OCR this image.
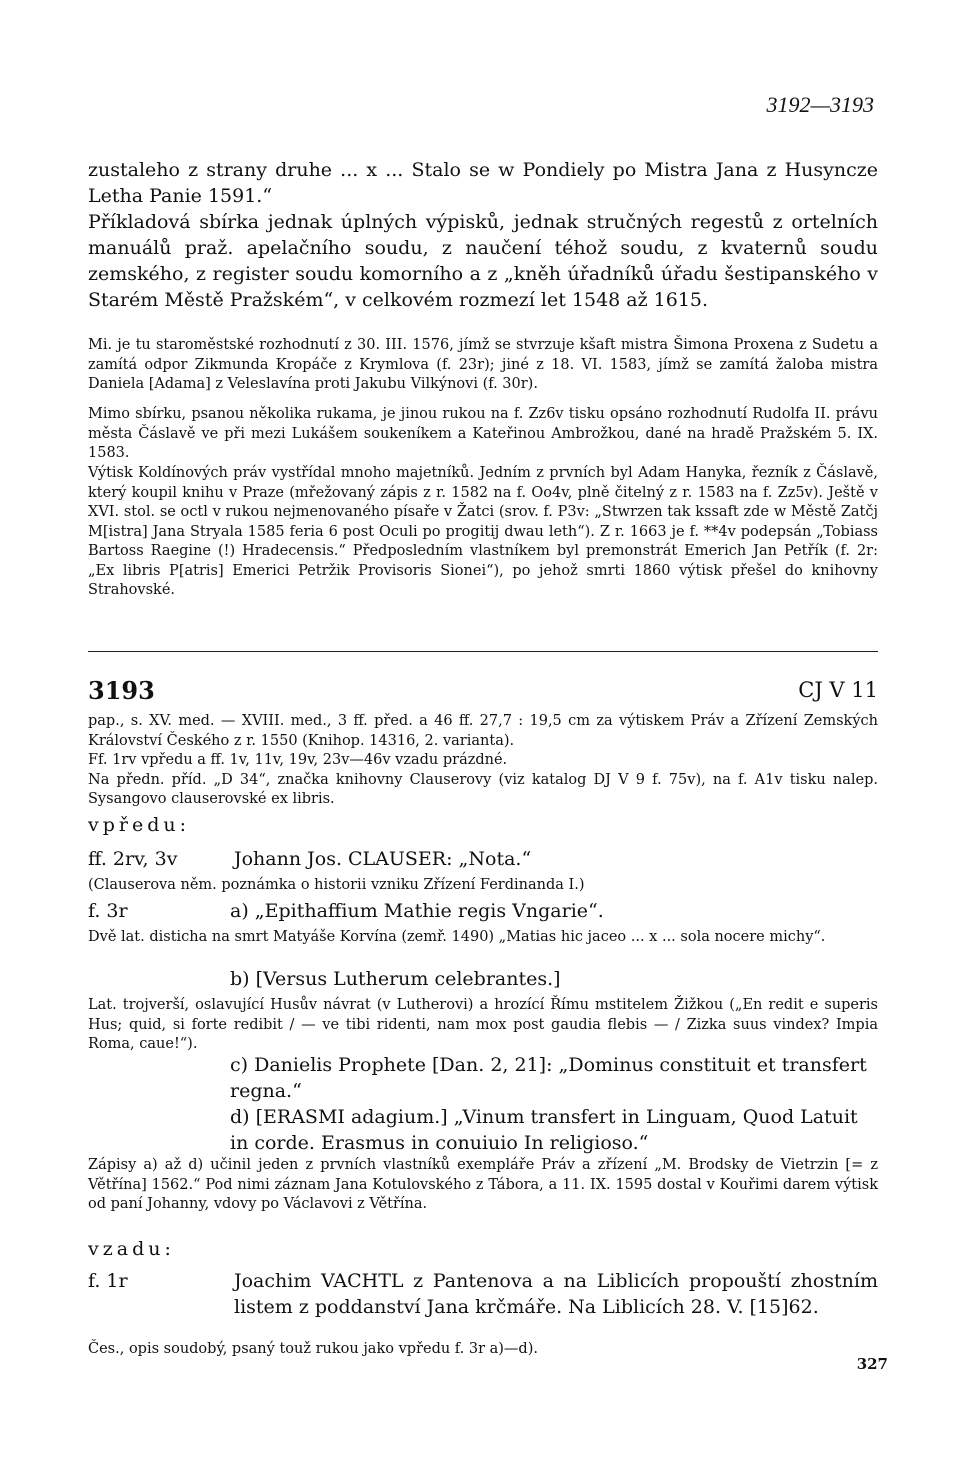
3192—3193

zustaleho z strany druhe ... x ... Stalo se w Pondiely po Mistra Jana z Husyncze Letha Panie 1591.“

Příkladová sbírka jednak úplných výpisků, jednak stručných regestů z ortelních manuálů praž. apelačního soudu, z naučení téhož soudu, z kvaternů soudu zemského, z register soudu komorního a z „kněh úřadníků úřadu šestipanského v Starém Městě Pražském“, v celkovém rozmezí let 1548 až 1615.

Mi. je tu staroměstské rozhodnutí z 30. III. 1576, jímž se stvrzuje kšaft mistra Šimona Proxena z Sudetu a zamítá odpor Zikmunda Kropáče z Krymlova (f. 23r); jiné z 18. VI. 1583, jímž se zamítá žaloba mistra Daniela [Adama] z Veleslavína proti Jakubu Vilkýnovi (f. 30r).

Mimo sbírku, psanou několika rukama, je jinou rukou na f. Zz6v tisku opsáno rozhodnutí Rudolfa II. právu města Čáslavě ve při mezi Lukášem soukeníkem a Kateřinou Ambrožkou, dané na hradě Pražském 5. IX. 1583.

Výtisk Koldínových práv vystřídal mnoho majetníků. Jedním z prvních byl Adam Hanyka, řezník z Čáslavě, který koupil knihu v Praze (mřežovaný zápis z r. 1582 na f. Oo4v, plně čitelný z r. 1583 na f. Zz5v). Ještě v XVI. stol. se octl v rukou nejmenovaného písaře v Žatci (srov. f. P3v: „Stwrzen tak kssaft zde w Městě Zatčj M[istra] Jana Stryala 1585 feria 6 post Oculi po progitij dwau leth“). Z r. 1663 je f. **4v podepsán „Tobiass Bartoss Raegine (!) Hradecensis.“ Předposledním vlastníkem byl premonstrát Emerich Jan Petřík (f. 2r: „Ex libris P[atris] Emerici Petržik Provisoris Sionei“), po jehož smrti 1860 výtisk přešel do knihovny Strahovské.

3193	CJ V 11

pap., s. XV. med. — XVIII. med., 3 ff. před. a 46 ff. 27,7 : 19,5 cm za výtiskem Práv a Zřízení Zemských Království Českého z r. 1550 (Knihop. 14316, 2. varianta).

Ff. 1rv vpředu a ff. 1v, 11v, 19v, 23v—46v vzadu prázdné.

Na předn. příd. „D 34“, značka knihovny Clauserovy (viz katalog DJ V 9 f. 75v), na f. A1v tisku nalep. Sysangovo clauserovské ex libris.

vpředu:
ff. 2rv, 3v	Johann Jos. CLAUSER: „Nota.“

(Clauserova něm. poznámka o historii vzniku Zřízení Ferdinanda I.)

f. 3r	a) „Epithaffium Mathie regis Vngarie“.

Dvě lat. disticha na smrt Matyáše Korvína (zemř. 1490) „Matias hic jaceo ... x ... sola nocere michy“.

b) [Versus Lutherum celebrantes.]

Lat. trojverší, oslavující Husův návrat (v Lutherovi) a hrozící Římu mstitelem Žižkou („En redit e superis Hus; quid, si forte redibit / — ve tibi ridenti, nam mox post gaudia flebis — / Zizka suus vindex? Impia Roma, caue!“).

c) Danielis Prophete [Dan. 2, 21]: „Dominus constituit et transfert regna.“

d) [ERASMI adagium.] „Vinum transfert in Linguam, Quod Latuit in corde. Erasmus in conuiuio In religioso.“

Zápisy a) až d) učinil jeden z prvních vlastníků exempláře Práv a zřízení „M. Brodsky de Vietrzin [= z Větřína] 1562.“ Pod nimi záznam Jana Kotulovského z Tábora, a 11. IX. 1595 dostal v Kouřimi darem výtisk od paní Johanny, vdovy po Václavovi z Větřína.

vzadu:
f. 1r	Joachim VACHTL z Pantenova a na Liblicích propouští zhostním listem z poddanství Jana krčmáře. Na Liblicích 28. V. [15]62.

Čes., opis soudobý, psaný touž rukou jako vpředu f. 3r a)—d).

327
